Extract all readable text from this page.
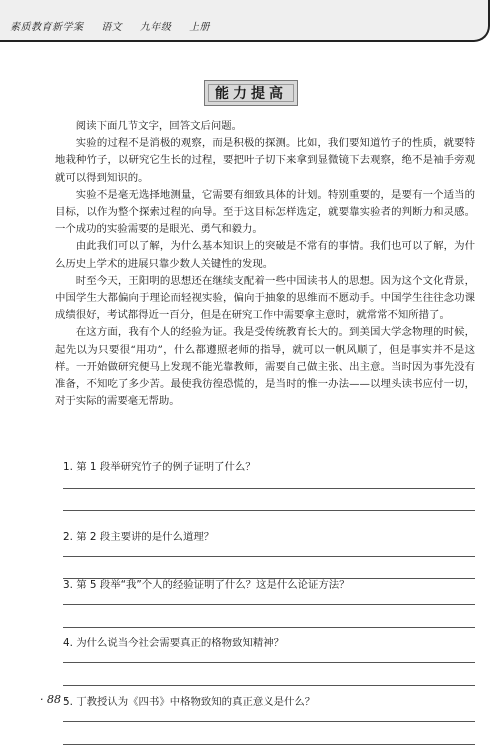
素质教育新学案 语文 九年级 上册
能力提高

阅读下面几节文字，回答文后问题。

实验的过程不是消极的观察，而是积极的探测。比如，我们要知道竹子的性质，就要特地栽种竹子，以研究它生长的过程，要把叶子切下来拿到显微镜下去观察，绝不是袖手旁观就可以得到知识的。

实验不是毫无选择地测量，它需要有细致具体的计划。特别重要的，是要有一个适当的目标，以作为整个探索过程的向导。至于这目标怎样选定，就要靠实验者的判断力和灵感。一个成功的实验需要的是眼光、勇气和毅力。

由此我们可以了解，为什么基本知识上的突破是不常有的事情。我们也可以了解，为什么历史上学术的进展只靠少数人关键性的发现。

时至今天，王阳明的思想还在继续支配着一些中国读书人的思想。因为这个文化背景，中国学生大都偏向于理论而轻视实验，偏向于抽象的思维而不愿动手。中国学生往往念功课成绩很好，考试都得近一百分，但是在研究工作中需要拿主意时，就常常不知所措了。

在这方面，我有个人的经验为证。我是受传统教育长大的。到美国大学念物理的时候，起先以为只要很“用功”，什么都遵照老师的指导，就可以一帆风顺了，但是事实并不是这样。一开始做研究便马上发现不能光靠教师，需要自己做主张、出主意。当时因为事先没有准备，不知吃了多少苦。最使我彷徨恐慌的，是当时的惟一办法——以埋头读书应付一切，对于实际的需要毫无帮助。

1. 第 1 段举研究竹子的例子证明了什么？
2. 第 2 段主要讲的是什么道理？
3. 第 5 段举“我”个人的经验证明了什么？这是什么论证方法？
4. 为什么说当今社会需要真正的格物致知精神？
5. 丁教授认为《四书》中格物致知的真正意义是什么？
· 88 ·
